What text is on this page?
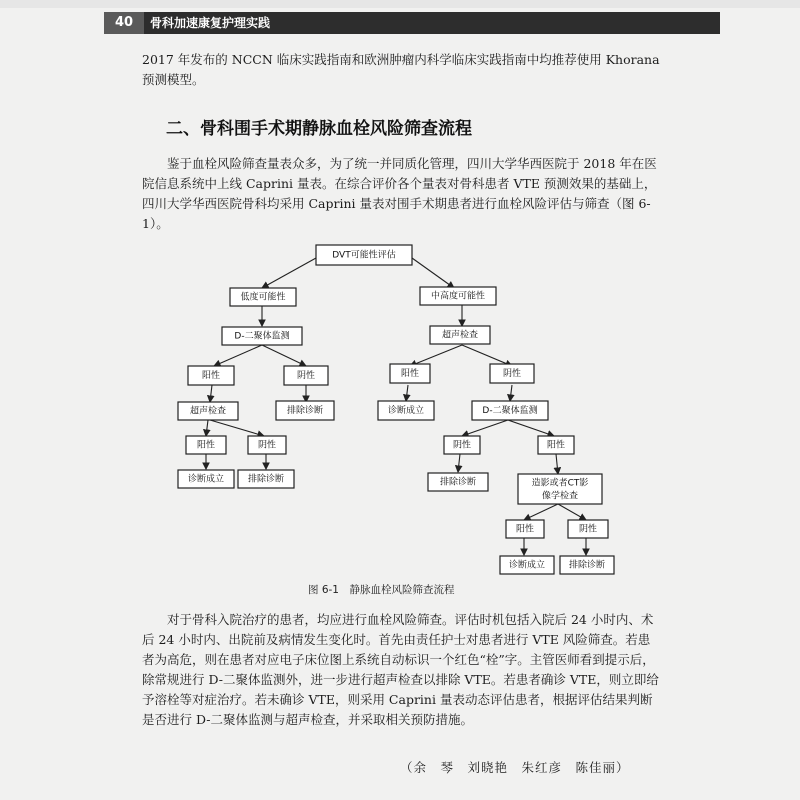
40	骨科加速康复护理实践

2017 年发布的 NCCN 临床实践指南和欧洲肿瘤内科学临床实践指南中均推荐使用 Khorana 预测模型。

二、骨科围手术期静脉血栓风险筛查流程

鉴于血栓风险筛查量表众多，为了统一并同质化管理，四川大学华西医院于 2018 年在医院信息系统中上线 Caprini 量表。在综合评价各个量表对骨科患者 VTE 预测效果的基础上，四川大学华西医院骨科均采用 Caprini 量表对围手术期患者进行血栓风险评估与筛查（图 6-1）。

DVT可能性评估
低度可能性	中高度可能性
D-二聚体监测	超声检查
阳性	阴性	阳性	阴性
超声检查	排除诊断	诊断成立	D-二聚体监测
阳性	阴性	阴性	阳性
诊断成立	排除诊断	排除诊断	造影或者CT影
像学检查
阳性	阴性
诊断成立	排除诊断
图 6-1　静脉血栓风险筛查流程

对于骨科入院治疗的患者，均应进行血栓风险筛查。评估时机包括入院后 24 小时内、术后 24 小时内、出院前及病情发生变化时。首先由责任护士对患者进行 VTE 风险筛查。若患者为高危，则在患者对应电子床位图上系统自动标识一个红色“栓”字。主管医师看到提示后，除常规进行 D-二聚体监测外，进一步进行超声检查以排除 VTE。若患者确诊 VTE，则立即给予溶栓等对症治疗。若未确诊 VTE，则采用 Caprini 量表动态评估患者，根据评估结果判断是否进行 D-二聚体监测与超声检查，并采取相关预防措施。

（余　琴　刘晓艳　朱红彦　陈佳丽）
